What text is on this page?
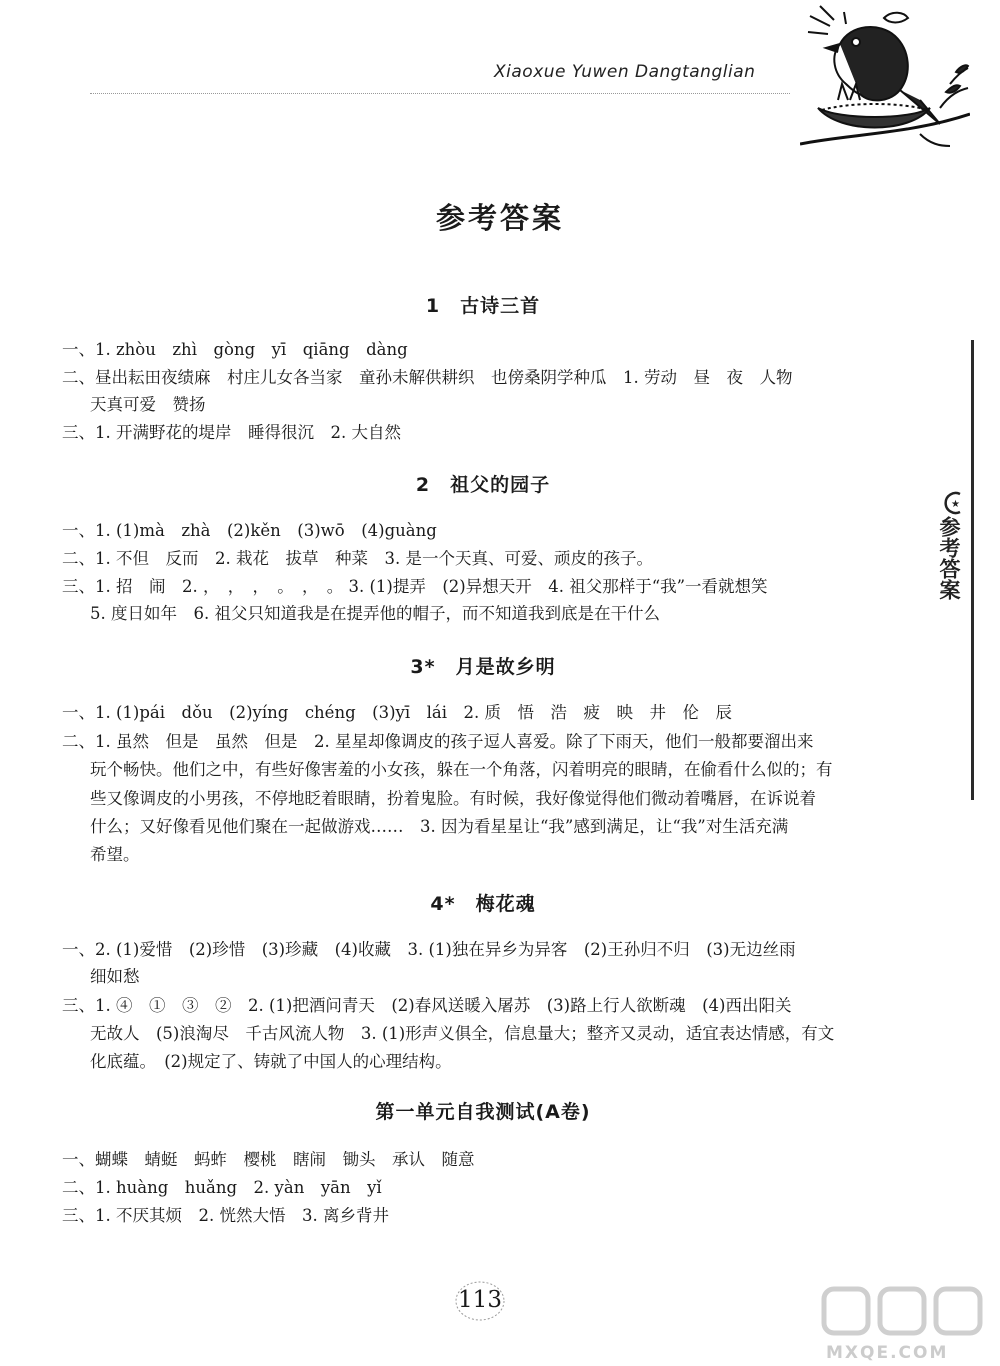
Xiaoxue Yuwen Dangtanglian
参考答案
1　古诗三首
一、1. zhòu　zhì　gòng　yī　qiāng　dàng
二、昼出耘田夜绩麻　村庄儿女各当家　童孙未解供耕织　也傍桑阴学种瓜　1. 劳动　昼　夜　人物
天真可爱　赞扬
三、1. 开满野花的堤岸　睡得很沉　2. 大自然
2　祖父的园子
一、1. (1)mà　zhà　(2)kěn　(3)wō　(4)guàng
二、1. 不但　反而　2. 栽花　拔草　种菜　3. 是一个天真、可爱、顽皮的孩子。
三、1. 招　闹　2. ，　，　，　。　，　。 3. (1)提弄　(2)异想天开　4. 祖父那样于“我”一看就想笑
5. 度日如年　6. 祖父只知道我是在提弄他的帽子，而不知道我到底是在干什么
3*　月是故乡明
一、1. (1)pái　dǒu　(2)yíng　chéng　(3)yī　lái　2. 质　悟　浩　疲　映　井　伦　辰
二、1. 虽然　但是　虽然　但是　2. 星星却像调皮的孩子逗人喜爱。除了下雨天，他们一般都要溜出来
玩个畅快。他们之中，有些好像害羞的小女孩，躲在一个角落，闪着明亮的眼睛，在偷看什么似的；有
些又像调皮的小男孩，不停地眨着眼睛，扮着鬼脸。有时候，我好像觉得他们微动着嘴唇，在诉说着
什么；又好像看见他们聚在一起做游戏……　3. 因为看星星让“我”感到满足，让“我”对生活充满
希望。
4*　梅花魂
一、2. (1)爱惜　(2)珍惜　(3)珍藏　(4)收藏　3. (1)独在异乡为异客　(2)王孙归不归　(3)无边丝雨
细如愁
三、1. ④　①　③　②　2. (1)把酒问青天　(2)春风送暖入屠苏　(3)路上行人欲断魂　(4)西出阳关
无故人　(5)浪淘尽　千古风流人物　3. (1)形声义俱全，信息量大；整齐又灵动，适宜表达情感，有文
化底蕴。　(2)规定了、铸就了中国人的心理结构。
第一单元自我测试(A卷)
一、蝴蝶　蜻蜓　蚂蚱　樱桃　瞎闹　锄头　承认　随意
二、1. huàng　huǎng　2. yàn　yān　yǐ
三、1. 不厌其烦　2. 恍然大悟　3. 离乡背井
★
参考答案
113
MXQE.COM
